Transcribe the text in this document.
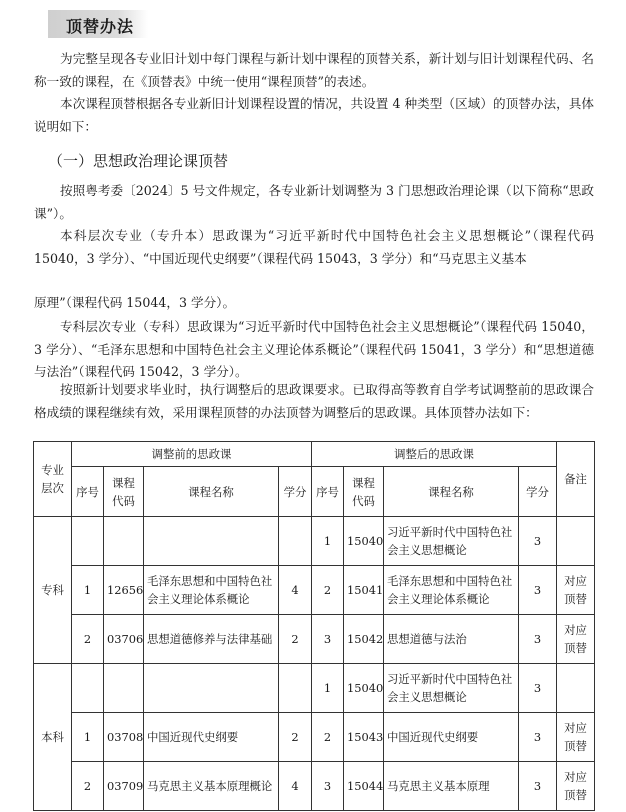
顶替办法

为完整呈现各专业旧计划中每门课程与新计划中课程的顶替关系，新计划与旧计划课程代码、名称一致的课程，在《顶替表》中统一使用“课程顶替”的表述。

本次课程顶替根据各专业新旧计划课程设置的情况，共设置 4 种类型（区域）的顶替办法，具体说明如下：

（一）思想政治理论课顶替

按照粤考委〔2024〕5 号文件规定，各专业新计划调整为 3 门思想政治理论课（以下简称“思政课”）。

本科层次专业（专升本）思政课为“习近平新时代中国特色社会主义思想概论”（课程代码 15040，3 学分）、“中国近现代史纲要”（课程代码 15043，3 学分）和“马克思主义基本

原理”（课程代码 15044，3 学分）。

专科层次专业（专科）思政课为“习近平新时代中国特色社会主义思想概论”（课程代码 15040，3 学分）、“毛泽东思想和中国特色社会主义理论体系概论”（课程代码 15041，3 学分）和“思想道德与法治”（课程代码 15042，3 学分）。

按照新计划要求毕业时，执行调整后的思政课要求。已取得高等教育自学考试调整前的思政课合格成绩的课程继续有效，采用课程顶替的办法顶替为调整后的思政课。具体顶替办法如下：

专业层次	调整前的思政课				调整后的思政课				备注
	序号	课程代码	课程名称	学分	序号	课程代码	课程名称	学分	
专科					1	15040	习近平新时代中国特色社会主义思想概论	3	
	1	12656	毛泽东思想和中国特色社会主义理论体系概论	4	2	15041	毛泽东思想和中国特色社会主义理论体系概论	3	对应顶替
	2	03706	思想道德修养与法律基础	2	3	15042	思想道德与法治	3	对应顶替
本科					1	15040	习近平新时代中国特色社会主义思想概论	3	
	1	03708	中国近现代史纲要	2	2	15043	中国近现代史纲要	3	对应顶替
	2	03709	马克思主义基本原理概论	4	3	15044	马克思主义基本原理	3	对应顶替
